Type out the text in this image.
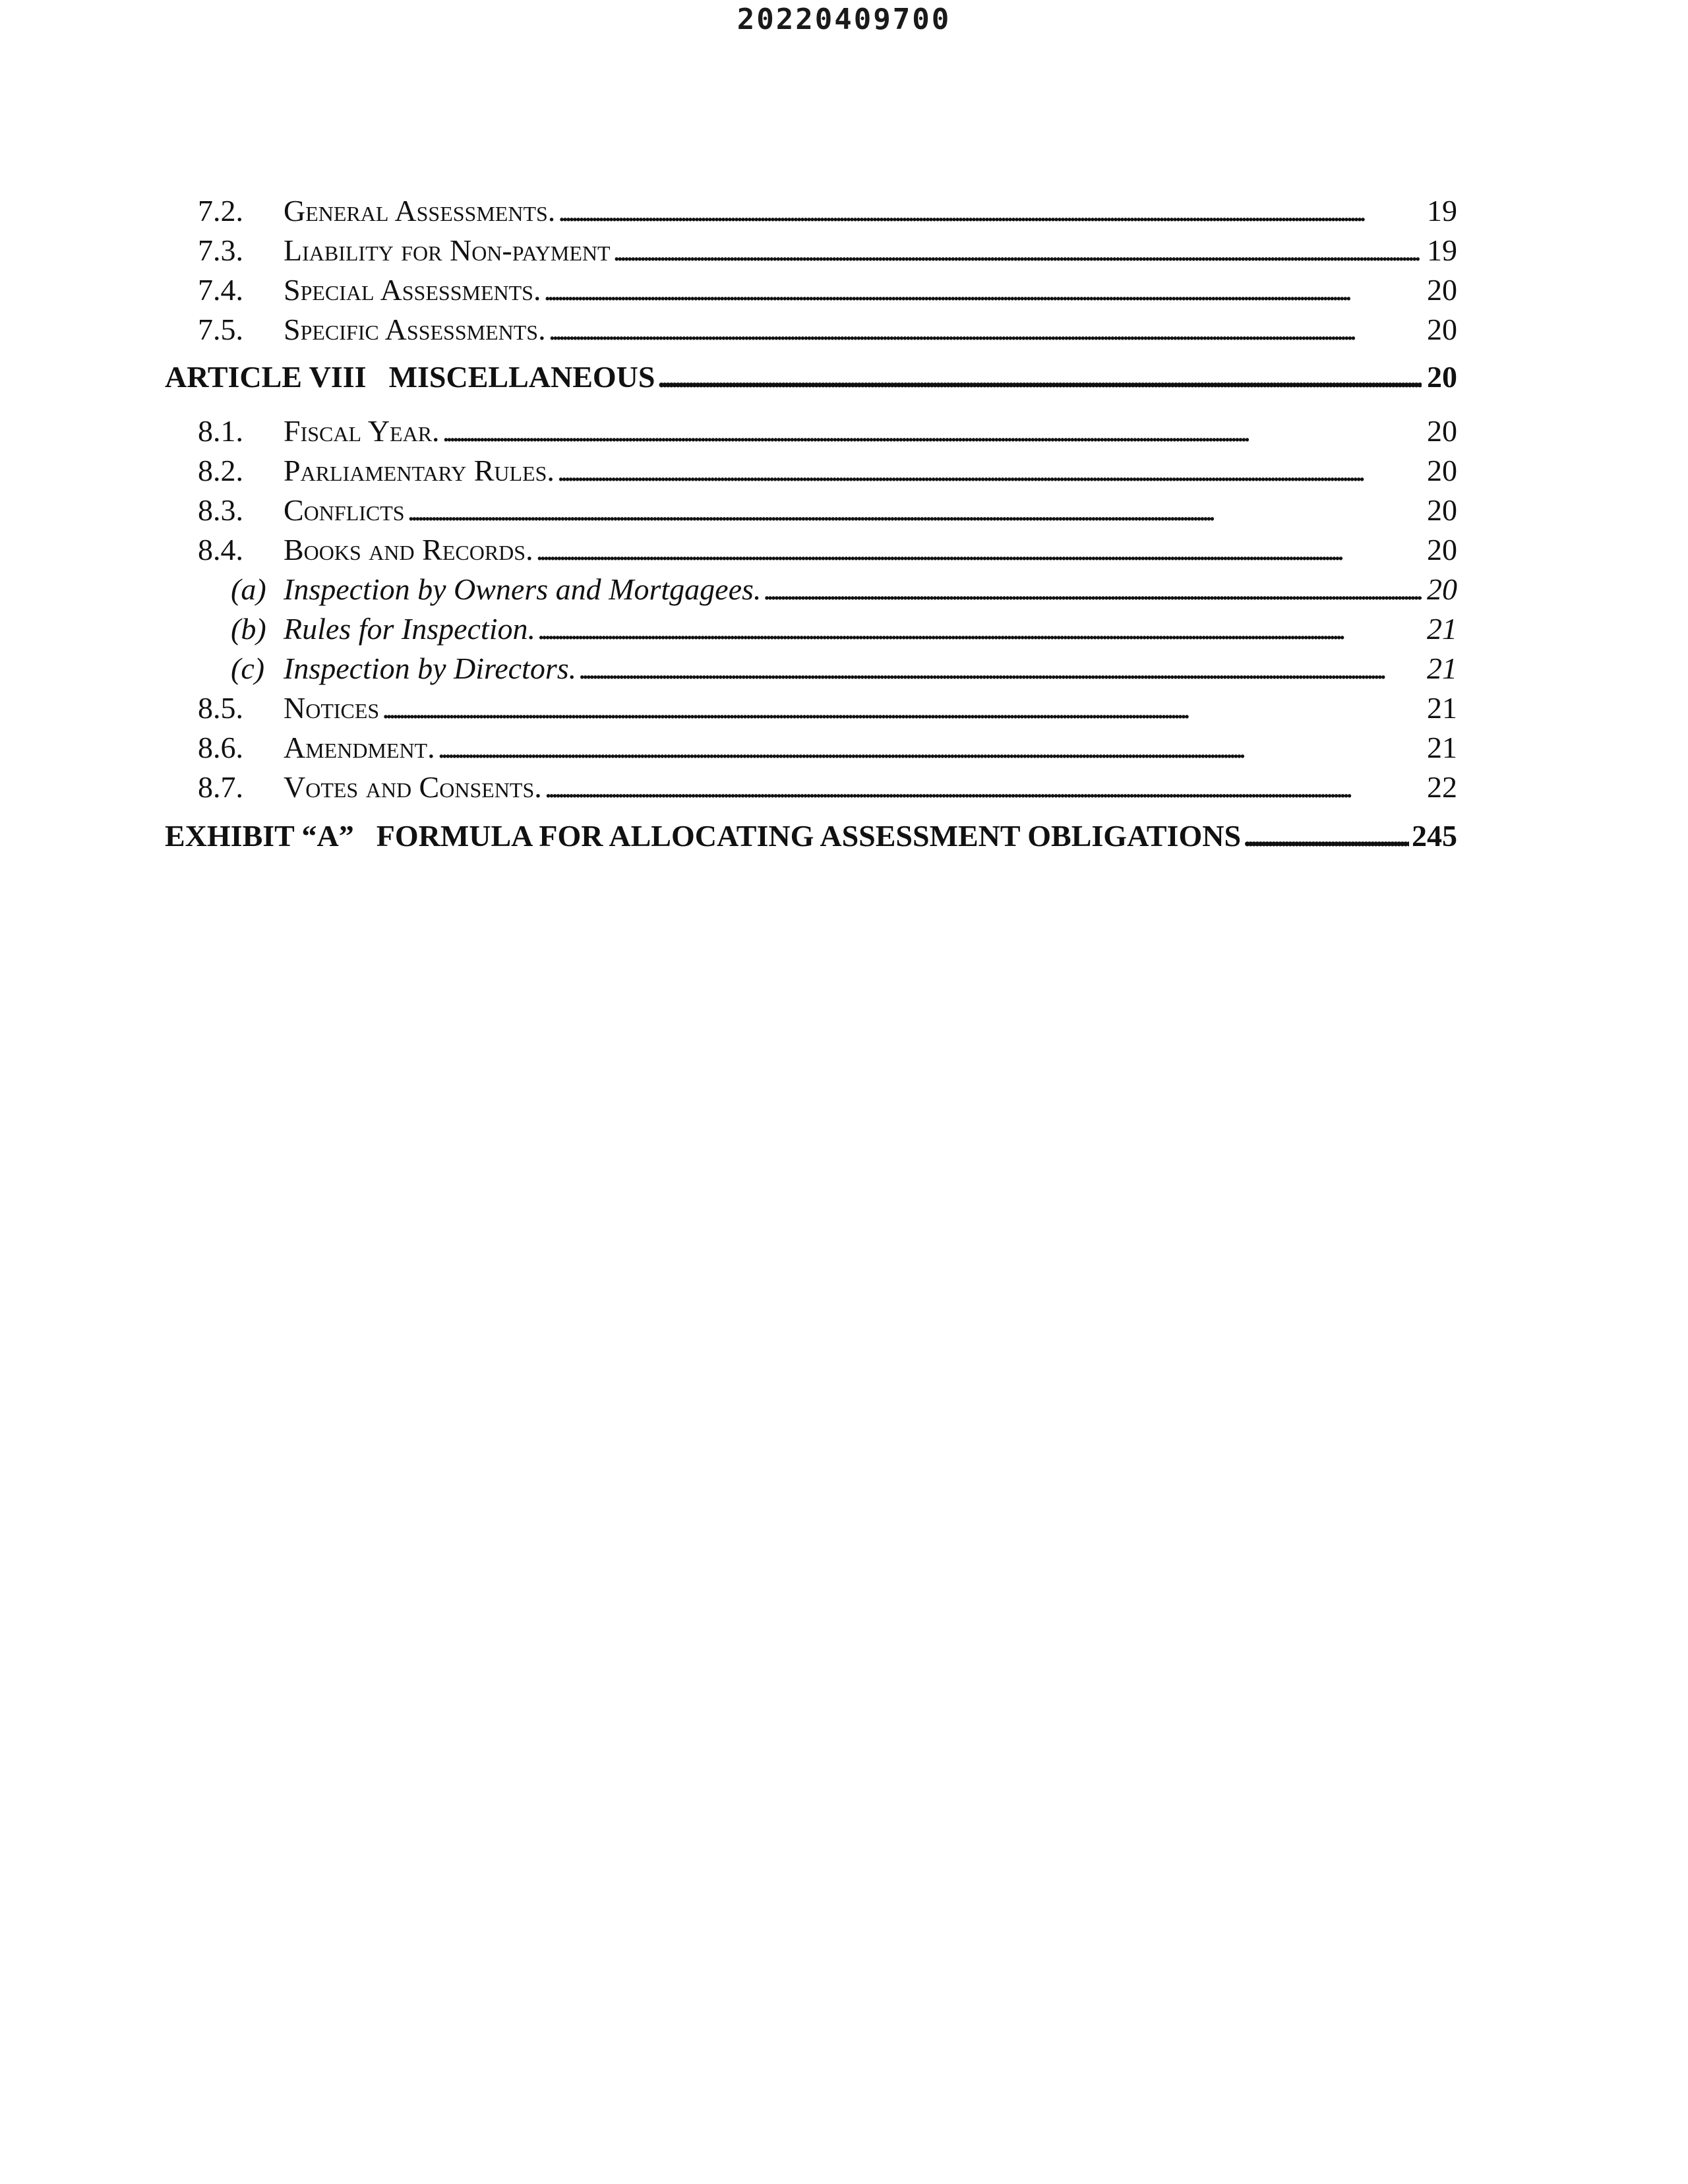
20220409700
7.2.	General Assessments. . . .	19
7.3.	Liability for Non-payment . . .	19
7.4.	Special Assessments. . . .	20
7.5.	Specific Assessments. . . .	20
ARTICLE VIII MISCELLANEOUS . . .	20
8.1.	Fiscal Year. . . .	20
8.2.	Parliamentary Rules. . . .	20
8.3.	Conflicts . . .	20
8.4.	Books and Records. . . .	20
(a) Inspection by Owners and Mortgagees. . . .	20
(b) Rules for Inspection. . . .	21
(c) Inspection by Directors. . . .	21
8.5.	Notices . . .	21
8.6.	Amendment. . . .	21
8.7.	Votes and Consents. . . .	22
EXHIBIT “A” FORMULA FOR ALLOCATING ASSESSMENT OBLIGATIONS . . .	245
